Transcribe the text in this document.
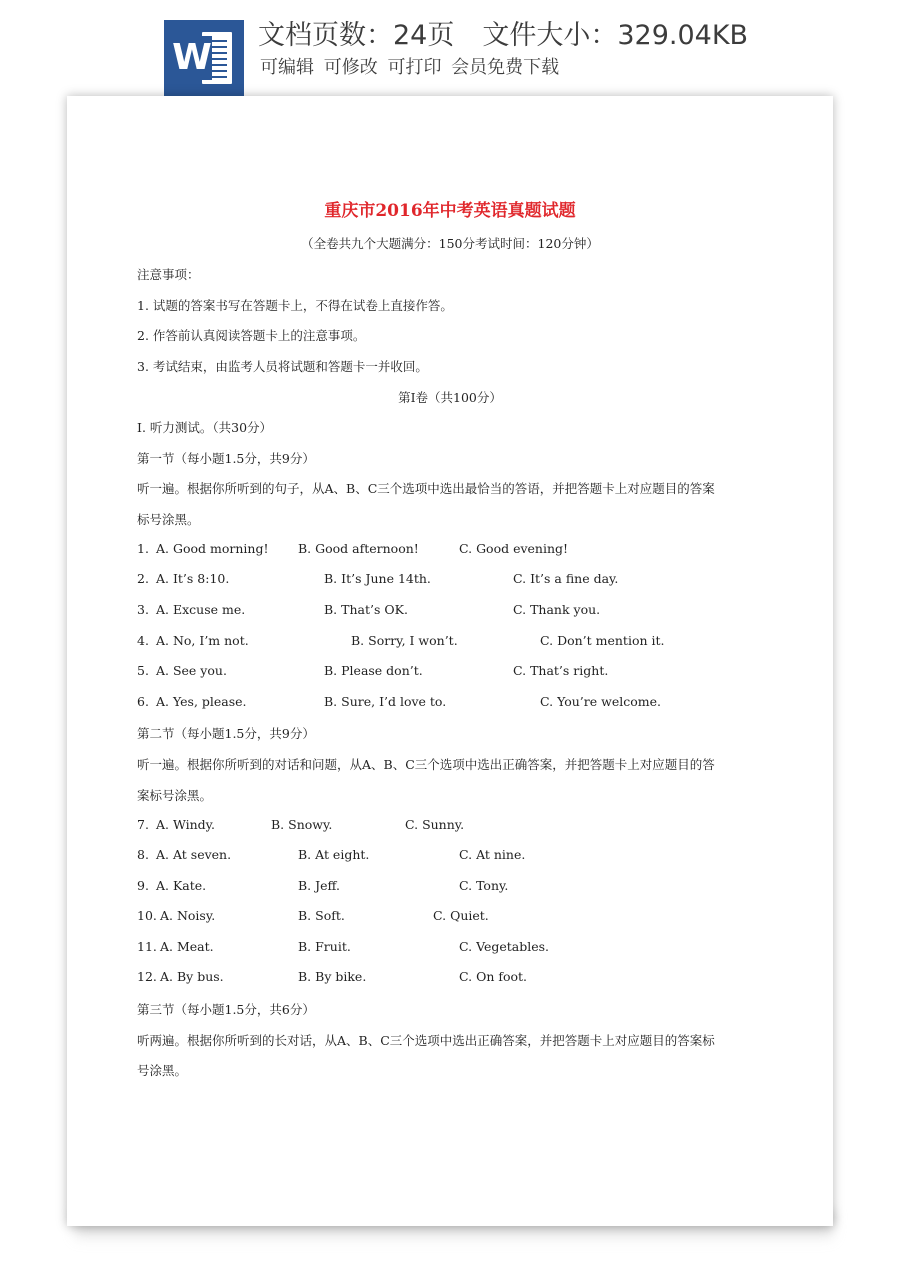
W
文档页数：24页 文件大小：329.04KB
可编辑 可修改 可打印 会员免费下载
重庆市2016年中考英语真题试题
（全卷共九个大题满分：150分考试时间：120分钟）
注意事项：
1. 试题的答案书写在答题卡上，不得在试卷上直接作答。
2. 作答前认真阅读答题卡上的注意事项。
3. 考试结束，由监考人员将试题和答题卡一并收回。
第I卷（共100分）
I. 听力测试。（共30分）
第一节（每小题1.5分，共9分）
听一遍。根据你所听到的句子，从A、B、C三个选项中选出最恰当的答语，并把答题卡上对应题目的答案
标号涂黑。
1. A. Good morning! B. Good afternoon!	C. Good evening!
2. A. It’s 8:10.	B. It’s June 14th.	C. It’s a fine day.
3. A. Excuse me.	B. That’s OK.	C. Thank you.
4. A. No, I’m not.	B. Sorry, I won’t.	C. Don’t mention it.
5. A. See you.	B. Please don’t.	C. That’s right.
6. A. Yes, please.	B. Sure, I’d love to.	C. You’re welcome.
第二节（每小题1.5分，共9分）
听一遍。根据你所听到的对话和问题，从A、B、C三个选项中选出正确答案，并把答题卡上对应题目的答
案标号涂黑。
7. A. Windy.	B. Snowy.	C. Sunny.
8. A. At seven.	B. At eight.	C. At nine.
9. A. Kate.	B. Jeff.	C. Tony.
10. A. Noisy.	B. Soft.	C. Quiet.
11. A. Meat.	B. Fruit.	C. Vegetables.
12. A. By bus.	B. By bike.	C. On foot.
第三节（每小题1.5分，共6分）
听两遍。根据你所听到的长对话，从A、B、C三个选项中选出正确答案，并把答题卡上对应题目的答案标
号涂黑。
